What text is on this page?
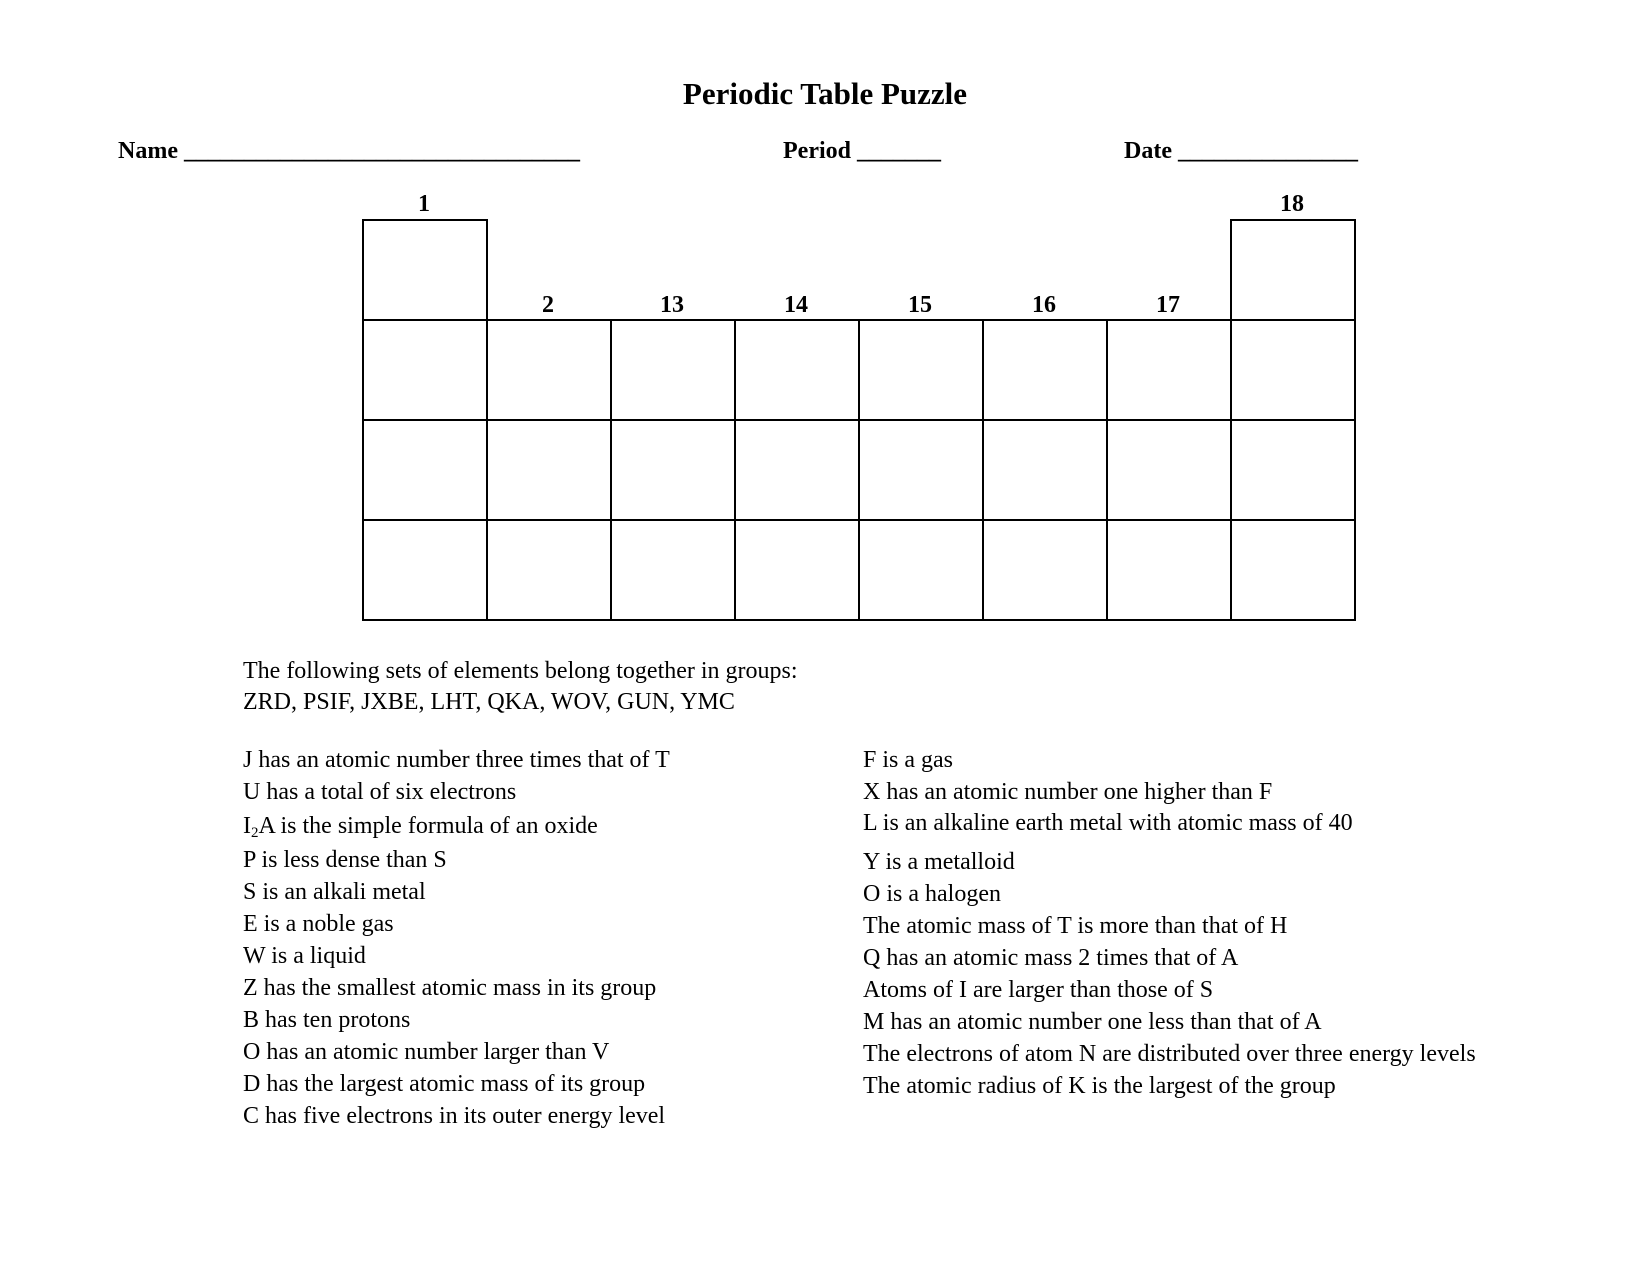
Periodic Table Puzzle
Name _________________________________	Period _______	Date _______________
1
2	13	14	15	16	17
18
The following sets of elements belong together in groups:
ZRD, PSIF, JXBE, LHT, QKA, WOV, GUN, YMC
J has an atomic number three times that of T
U has a total of six electrons
$I_2A$ is the simple formula of an oxide
P is less dense than S
S is an alkali metal
E is a noble gas
W is a liquid
Z has the smallest atomic mass in its group
B has ten protons
O has an atomic number larger than V
D has the largest atomic mass of its group
C has five electrons in its outer energy level
F is a gas
X has an atomic number one higher than F
L is an alkaline earth metal with atomic mass of 40
Y is a metalloid
O is a halogen
The atomic mass of T is more than that of H
Q has an atomic mass 2 times that of A
Atoms of I are larger than those of S
M has an atomic number one less than that of A
The electrons of atom N are distributed over three energy levels
The atomic radius of K is the largest of the group
